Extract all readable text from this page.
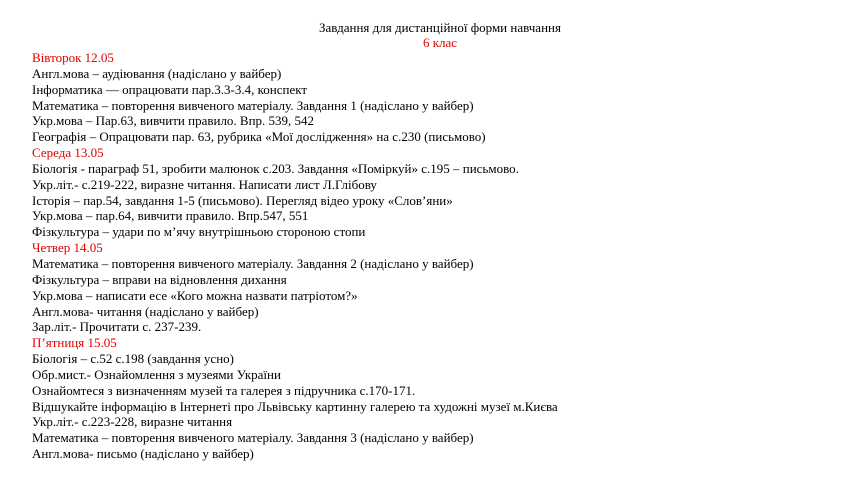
Завдання для дистанційної форми навчання
6 клас
Вівторок 12.05
Англ.мова – аудіювання (надіслано у вайбер)
Інформатика — опрацювати пар.3.3-3.4, конспект
Математика – повторення вивченого матеріалу. Завдання 1 (надіслано у вайбер)
Укр.мова – Пар.63, вивчити правило. Впр. 539, 542
Географія – Опрацювати пар. 63, рубрика «Мої дослідження» на с.230 (письмово)
Середа 13.05
Біологія - параграф 51, зробити малюнок с.203. Завдання «Поміркуй» с.195 – письмово.
Укр.літ.- с.219-222, виразне читання. Написати лист Л.Глібову
Історія – пар.54, завдання 1-5 (письмово). Перегляд відео уроку «Слов’яни»
Укр.мова – пар.64, вивчити правило. Впр.547, 551
Фізкультура – удари по м’ячу внутрішньою стороною стопи
Четвер 14.05
Математика – повторення вивченого матеріалу. Завдання 2 (надіслано у вайбер)
Фізкультура – вправи на відновлення дихання
Укр.мова – написати есе «Кого можна назвати патріотом?»
Англ.мова- читання (надіслано у вайбер)
Зар.літ.- Прочитати с. 237-239.
П’ятниця 15.05
Біологія – с.52 с.198 (завдання усно)
Обр.мист.- Ознайомлення з музеями України
Ознайомтеся з визначенням музей та галерея з підручника с.170-171.
Відшукайте інформацію в Інтернеті про Львівську картинну галерею та художні музеї м.Києва
Укр.літ.- с.223-228, виразне читання
Математика – повторення вивченого матеріалу. Завдання 3 (надіслано у вайбер)
Англ.мова- письмо (надіслано у вайбер)
